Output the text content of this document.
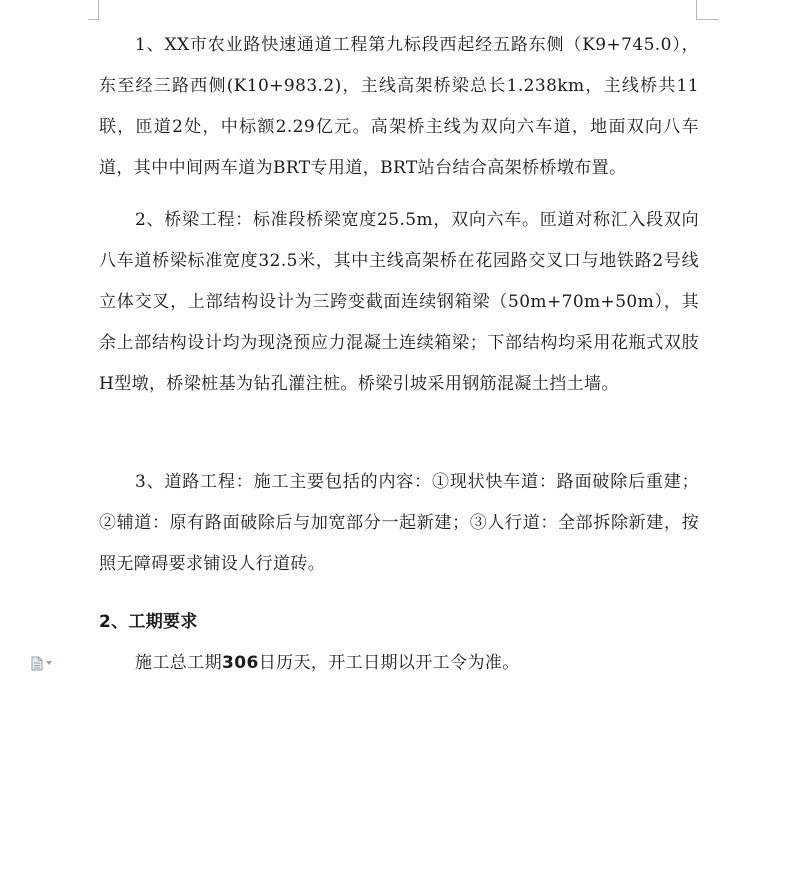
1、XX市农业路快速通道工程第九标段西起经五路东侧（K9+745.0），东至经三路西侧(K10+983.2)，主线高架桥梁总长1.238km，主线桥共11联，匝道2处，中标额2.29亿元。高架桥主线为双向六车道，地面双向八车道，其中中间两车道为BRT专用道，BRT站台结合高架桥桥墩布置。

2、桥梁工程：标准段桥梁宽度25.5m，双向六车。匝道对称汇入段双向八车道桥梁标准宽度32.5米，其中主线高架桥在花园路交叉口与地铁路2号线立体交叉，上部结构设计为三跨变截面连续钢箱梁（50m+70m+50m），其余上部结构设计均为现浇预应力混凝土连续箱梁；下部结构均采用花瓶式双肢H型墩，桥梁桩基为钻孔灌注桩。桥梁引坡采用钢筋混凝土挡土墙。

3、道路工程：施工主要包括的内容：①现状快车道：路面破除后重建；②辅道：原有路面破除后与加宽部分一起新建；③人行道：全部拆除新建，按照无障碍要求铺设人行道砖。

2、工期要求

施工总工期306日历天，开工日期以开工令为准。
